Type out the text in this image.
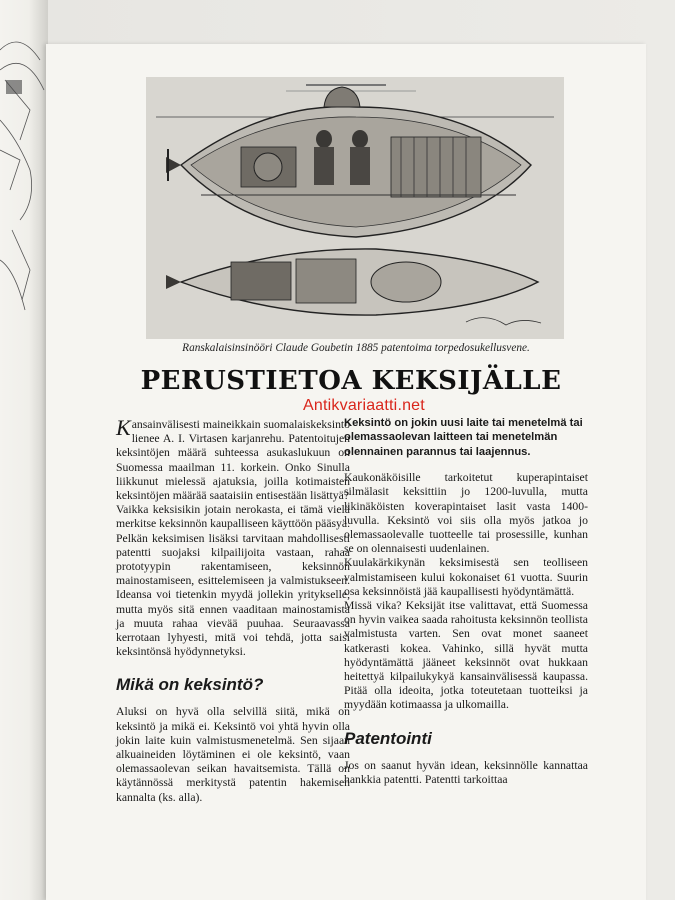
Ranskalaisinsinööri Claude Goubetin 1885 patentoima torpedosukellusvene.
PERUSTIETOA KEKSIJÄLLE
Antikvariaatti.net

Kansainvälisesti maineikkain suomalaiskeksintö lienee A. I. Virtasen karjanrehu. Patentoitujen keksintöjen määrä suhteessa asukaslukuun on Suomessa maailman 11. korkein. Onko Sinulla liikkunut mielessä ajatuksia, joilla kotimaisten keksintöjen määrää saataisiin entisestään lisättyä?

Vaikka keksisikin jotain nerokasta, ei tämä vielä merkitse keksinnön kaupalliseen käyttöön pääsyä. Pelkän keksimisen lisäksi tarvitaan mahdollisesti patentti suojaksi kilpailijoita vastaan, rahaa prototyypin rakentamiseen, keksinnön mainostamiseen, esittelemiseen ja valmistukseen. Ideansa voi tietenkin myydä jollekin yritykselle, mutta myös sitä ennen vaaditaan mainostamista ja muuta rahaa vievää puuhaa. Seuraavassa kerrotaan lyhyesti, mitä voi tehdä, jotta saisi keksintönsä hyödynnetyksi.

Mikä on keksintö?

Aluksi on hyvä olla selvillä siitä, mikä on keksintö ja mikä ei. Keksintö voi yhtä hyvin olla jokin laite kuin valmistusmenetelmä. Sen sijaan alkuaineiden löytäminen ei ole keksintö, vaan olemassaolevan seikan havaitsemista. Tällä on käytännössä merkitystä patentin hakemisen kannalta (ks. alla).

Keksintö on jokin uusi laite tai menetelmä tai olemassaolevan laitteen tai menetelmän olennainen parannus tai laajennus.

Kaukonäköisille tarkoitetut kuperapintaiset silmälasit keksittiin jo 1200-luvulla, mutta likinäköisten koverapintaiset lasit vasta 1400-luvulla. Keksintö voi siis olla myös jatkoa jo olemassaolevalle tuotteelle tai prosessille, kunhan se on olennaisesti uudenlainen.

Kuulakärkikynän keksimisestä sen teolliseen valmistamiseen kului kokonaiset 61 vuotta. Suurin osa keksinnöistä jää kaupallisesti hyödyntämättä.

Missä vika? Keksijät itse valittavat, että Suomessa on hyvin vaikea saada rahoitusta keksinnön teollista valmistusta varten. Sen ovat monet saaneet katkerasti kokea. Vahinko, sillä hyvät mutta hyödyntämättä jääneet keksinnöt ovat hukkaan heitettyä kilpailukykyä kansainvälisessä kaupassa. Pitää olla ideoita, jotka toteutetaan tuotteiksi ja myydään kotimaassa ja ulkomailla.

Patentointi

Jos on saanut hyvän idean, keksinnölle kannattaa hankkia patentti. Patentti tarkoittaa
